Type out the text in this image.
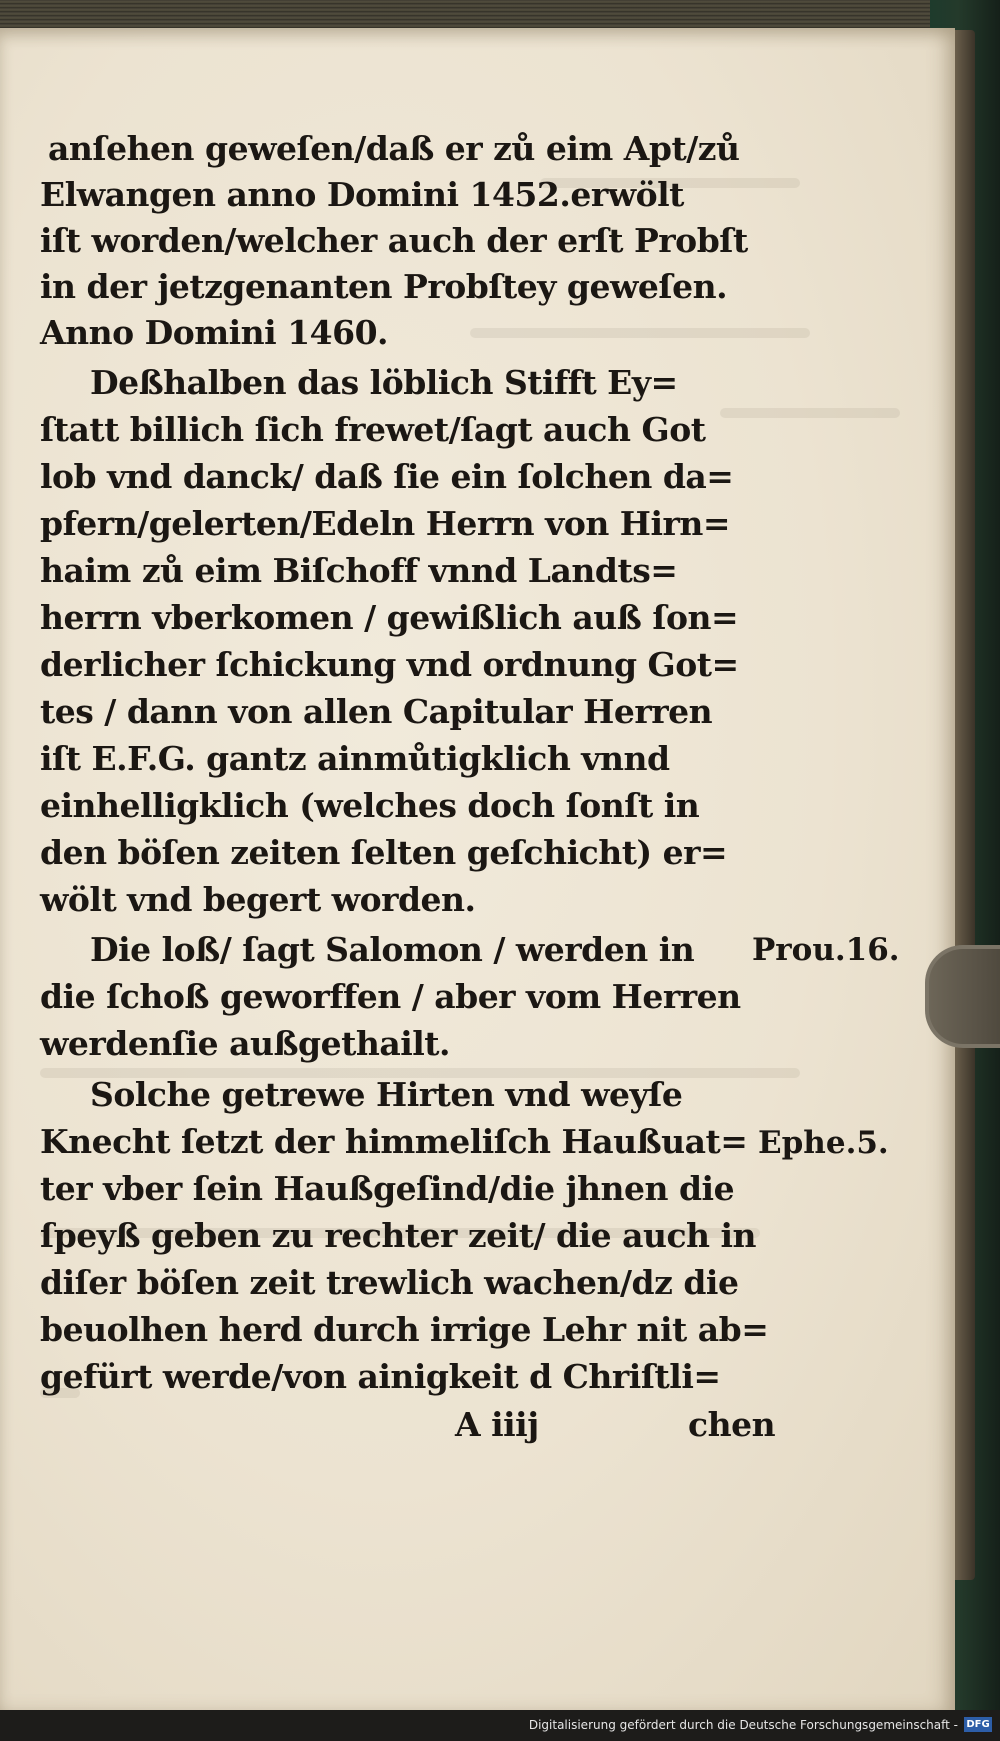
anſehen geweſen/daß er zů eim Apt/zů
Elwangen anno Domini 1452.erwölt
iſt worden/welcher auch der erſt Probſt
in der jetzgenanten Probſtey geweſen.
Anno Domini 1460.
Deßhalben das löblich Stifft Ey=
ſtatt billich ſich frewet/ſagt auch Got
lob vnd danck/ daß ſie ein ſolchen da=
pfern/gelerten/Edeln Herrn von Hirn=
haim zů eim Biſchoff vnnd Landts=
herrn vberkomen / gewißlich auß ſon=
derlicher ſchickung vnd ordnung Got=
tes / dann von allen Capitular Herren
iſt E.F.G. gantz ainmůtigklich vnnd
einhelligklich (welches doch ſonſt in
den böſen zeiten ſelten geſchicht) er=
wölt vnd begert worden.
Die loß/ ſagt Salomon / werden in
die ſchoß geworffen / aber vom Herren
werdenſie außgethailt.
Solche getrewe Hirten vnd weyſe
Knecht ſetzt der himmeliſch Haußuat=
ter vber ſein Haußgeſind/die jhnen die
ſpeyß geben zu rechter zeit/ die auch in
diſer böſen zeit trewlich wachen/dz die
beuolhen herd durch irrige Lehr nit ab=
gefürt werde/von ainigkeit d Chriſtli=
A iiij	chen
Prou.16.
Ephe.5.
Digitalisierung gefördert durch die Deutsche Forschungsgemeinschaft - DFG
